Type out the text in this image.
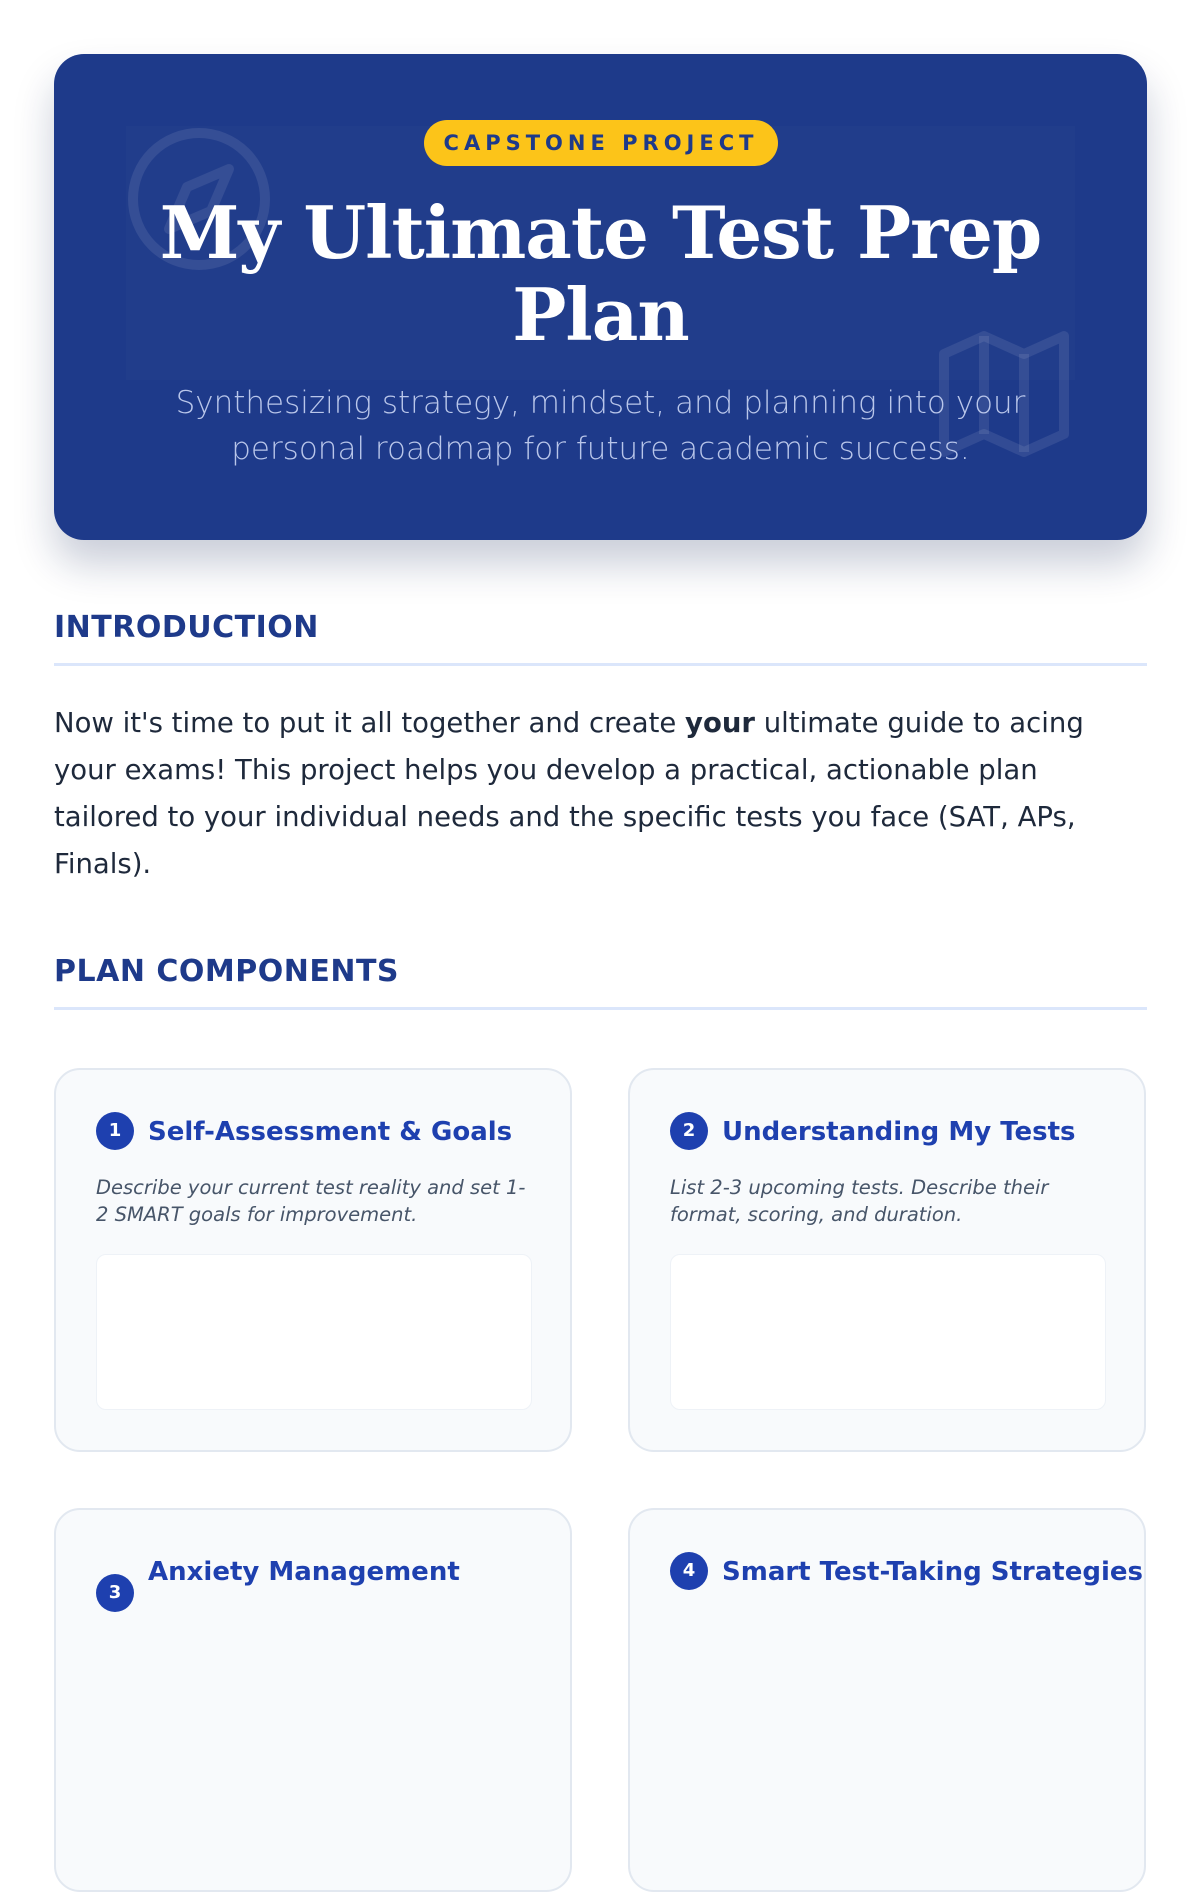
CAPSTONE PROJECT
My Ultimate Test Prep Plan
Synthesizing strategy, mindset, and planning into your personal roadmap for future academic success.
INTRODUCTION

Now it's time to put it all together and create your ultimate guide to acing your exams! This project helps you develop a practical, actionable plan tailored to your individual needs and the specific tests you face (SAT, APs, Finals).

PLAN COMPONENTS
1	Self-Assessment & Goals
Describe your current test reality and set 1-2 SMART goals for improvement.
2	Understanding My Tests
List 2-3 upcoming tests. Describe their format, scoring, and duration.
3
Anxiety Management	4	Smart Test-Taking Strategies
